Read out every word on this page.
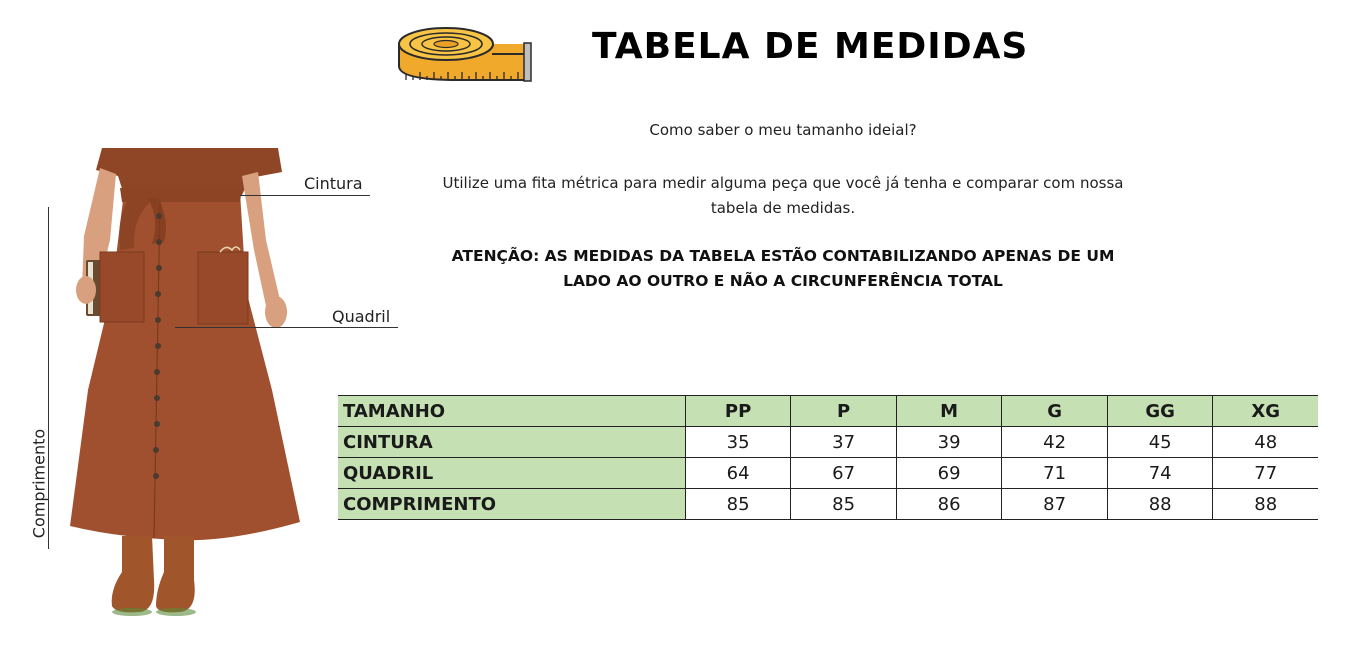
TABELA DE MEDIDAS
Como saber o meu tamanho ideial?
Utilize uma fita métrica para medir alguma peça que você já tenha e comparar com nossa tabela de medidas.
ATENÇÃO: AS MEDIDAS DA TABELA ESTÃO CONTABILIZANDO APENAS DE UM LADO AO OUTRO E NÃO A CIRCUNFERÊNCIA TOTAL
Cintura
Quadril
Comprimento
TAMANHO	PP	P	M	G	GG	XG
CINTURA	35	37	39	42	45	48
QUADRIL	64	67	69	71	74	77
COMPRIMENTO	85	85	86	87	88	88
